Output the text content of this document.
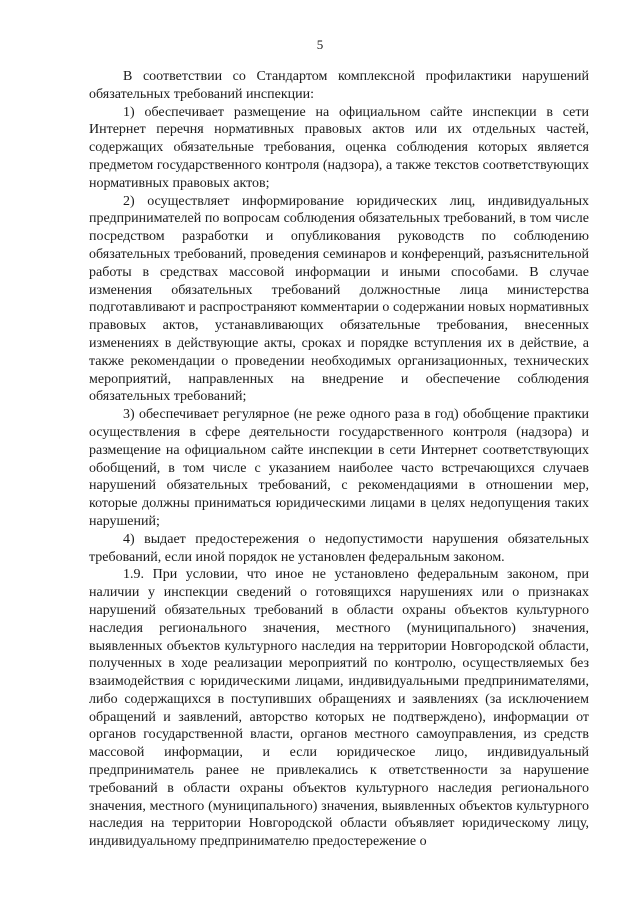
5

В соответствии со Стандартом комплексной профилактики нарушений обязательных требований инспекции:

1) обеспечивает размещение на официальном сайте инспекции в сети Интернет перечня нормативных правовых актов или их отдельных частей, содержащих обязательные требования, оценка соблюдения которых является предметом государственного контроля (надзора), а также текстов соответствующих нормативных правовых актов;

2) осуществляет информирование юридических лиц, индивидуальных предпринимателей по вопросам соблюдения обязательных требований, в том числе посредством разработки и опубликования руководств по соблюдению обязательных требований, проведения семинаров и конференций, разъяснительной работы в средствах массовой информации и иными способами. В случае изменения обязательных требований должностные лица министерства подготавливают и распространяют комментарии о содержании новых нормативных правовых актов, устанавливающих обязательные требования, внесенных изменениях в действующие акты, сроках и порядке вступления их в действие, а также рекомендации о проведении необходимых организационных, технических мероприятий, направленных на внедрение и обеспечение соблюдения обязательных требований;

3) обеспечивает регулярное (не реже одного раза в год) обобщение практики осуществления в сфере деятельности государственного контроля (надзора) и размещение на официальном сайте инспекции в сети Интернет соответствующих обобщений, в том числе с указанием наиболее часто встречающихся случаев нарушений обязательных требований, с рекомендациями в отношении мер, которые должны приниматься юридическими лицами в целях недопущения таких нарушений;

4) выдает предостережения о недопустимости нарушения обязательных требований, если иной порядок не установлен федеральным законом.

1.9. При условии, что иное не установлено федеральным законом, при наличии у инспекции сведений о готовящихся нарушениях или о признаках нарушений обязательных требований в области охраны объектов культурного наследия регионального значения, местного (муниципального) значения, выявленных объектов культурного наследия на территории Новгородской области, полученных в ходе реализации мероприятий по контролю, осуществляемых без взаимодействия с юридическими лицами, индивидуальными предпринимателями, либо содержащихся в поступивших обращениях и заявлениях (за исключением обращений и заявлений, авторство которых не подтверждено), информации от органов государственной власти, органов местного самоуправления, из средств массовой информации, и если юридическое лицо, индивидуальный предприниматель ранее не привлекались к ответственности за нарушение требований в области охраны объектов культурного наследия регионального значения, местного (муниципального) значения, выявленных объектов культурного наследия на территории Новгородской области объявляет юридическому лицу, индивидуальному предпринимателю предостережение о
